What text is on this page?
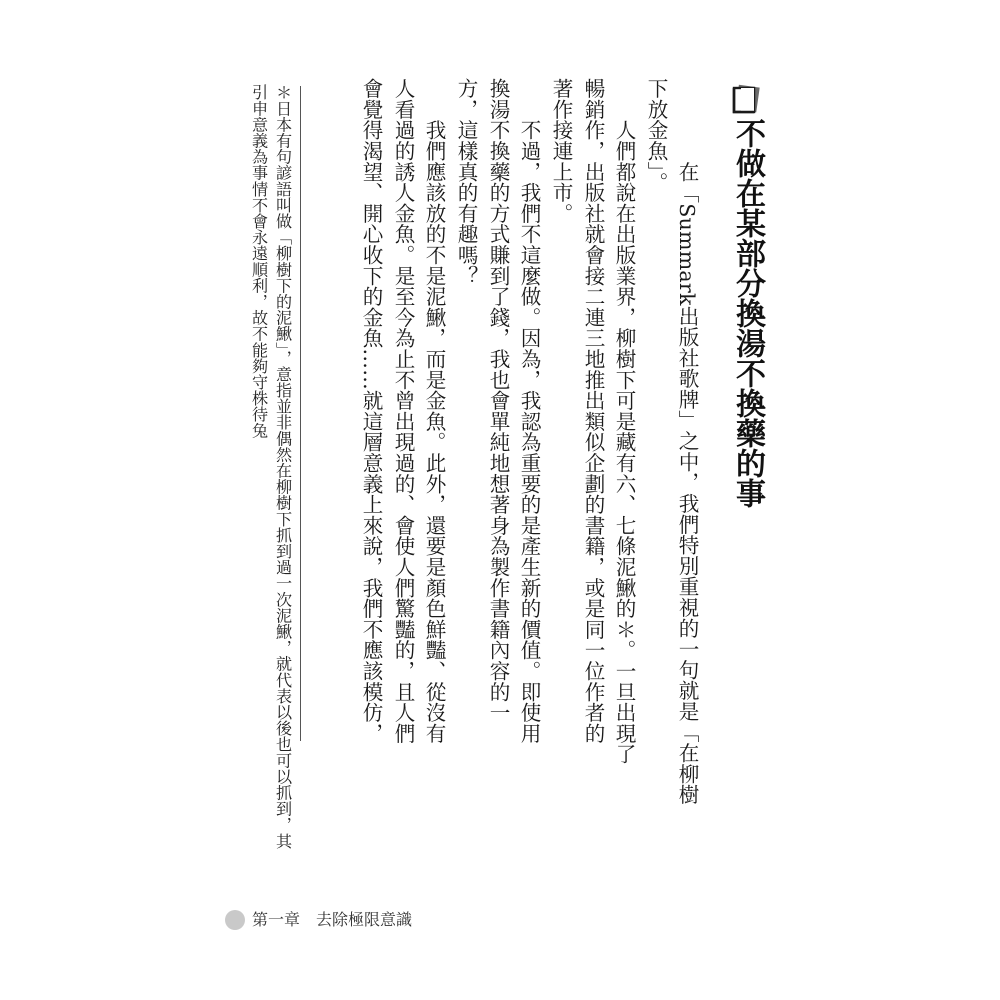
不做在某部分換湯不換藥的事
　　在「Summark出版社歌牌」之中，我們特別重視的一句就是「在柳樹
下放金魚」。
　　人們都說在出版業界，柳樹下可是藏有六、七條泥鰍的＊。一旦出現了
暢銷作，出版社就會接二連三地推出類似企劃的書籍，或是同一位作者的
著作接連上市。
　　不過，我們不這麼做。因為，我認為重要的是產生新的價值。即使用
換湯不換藥的方式賺到了錢，我也會單純地想著身為製作書籍內容的一
方，這樣真的有趣嗎？
　　我們應該放的不是泥鰍，而是金魚。此外，還要是顏色鮮豔、從沒有
人看過的誘人金魚。是至今為止不曾出現過的、會使人們驚豔的，且人們
會覺得渴望、開心收下的金魚……就這層意義上來說，我們不應該模仿，
＊日本有句諺語叫做「柳樹下的泥鰍」，意指並非偶然在柳樹下抓到過一次泥鰍，就代表以後也可以抓到，其
引申意義為事情不會永遠順利，故不能夠守株待兔
第一章　去除極限意識
